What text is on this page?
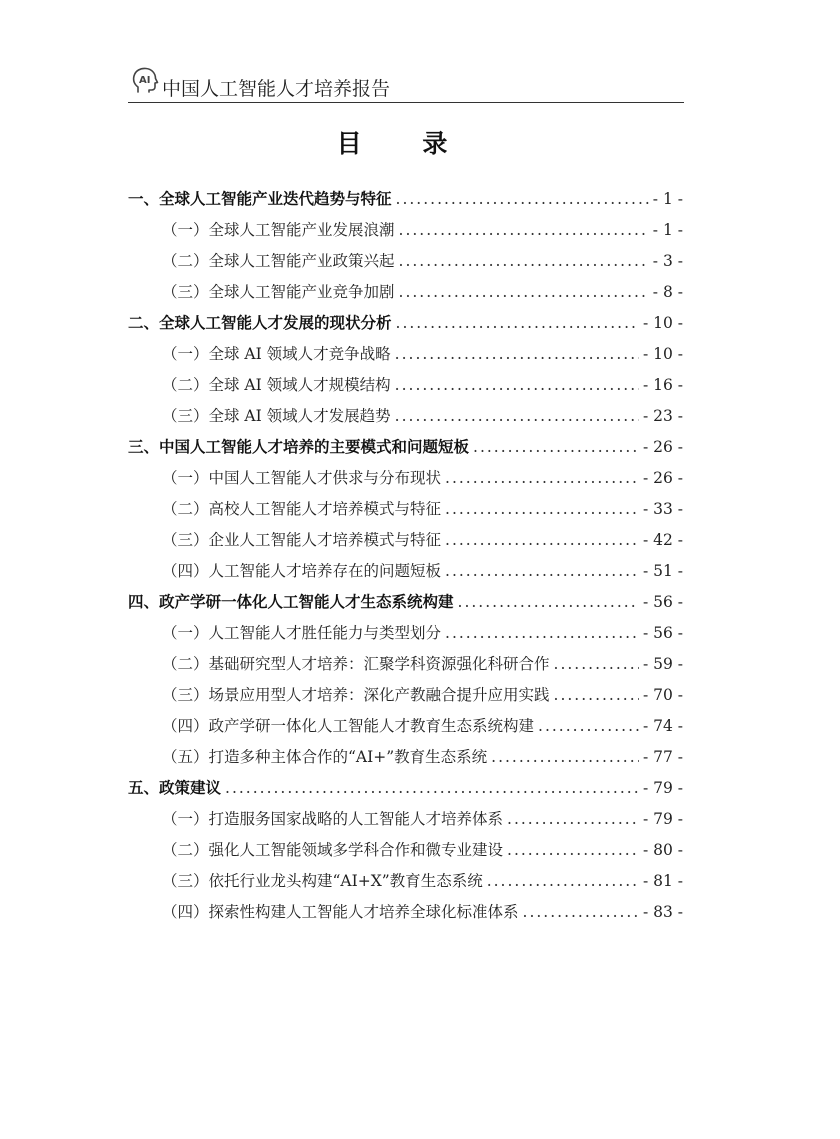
AI 中国人工智能人才培养报告
目 录
一、全球人工智能产业迭代趋势与特征 .....	- 1 -
（一）全球人工智能产业发展浪潮 .....	- 1 -
（二）全球人工智能产业政策兴起 .....	- 3 -
（三）全球人工智能产业竞争加剧 .....	- 8 -
二、全球人工智能人才发展的现状分析 .....	- 10 -
（一）全球 AI 领域人才竞争战略 .....	- 10 -
（二）全球 AI 领域人才规模结构 .....	- 16 -
（三）全球 AI 领域人才发展趋势 .....	- 23 -
三、中国人工智能人才培养的主要模式和问题短板 .....	- 26 -
（一）中国人工智能人才供求与分布现状 .....	- 26 -
（二）高校人工智能人才培养模式与特征 .....	- 33 -
（三）企业人工智能人才培养模式与特征 .....	- 42 -
（四）人工智能人才培养存在的问题短板 .....	- 51 -
四、政产学研一体化人工智能人才生态系统构建 .....	- 56 -
（一）人工智能人才胜任能力与类型划分 .....	- 56 -
（二）基础研究型人才培养：汇聚学科资源强化科研合作 .....	- 59 -
（三）场景应用型人才培养：深化产教融合提升应用实践 .....	- 70 -
（四）政产学研一体化人工智能人才教育生态系统构建 .....	- 74 -
（五）打造多种主体合作的“AI+”教育生态系统 .....	- 77 -
五、政策建议 .....	- 79 -
（一）打造服务国家战略的人工智能人才培养体系 .....	- 79 -
（二）强化人工智能领域多学科合作和微专业建设 .....	- 80 -
（三）依托行业龙头构建“AI+X”教育生态系统 .....	- 81 -
（四）探索性构建人工智能人才培养全球化标准体系 .....	- 83 -
